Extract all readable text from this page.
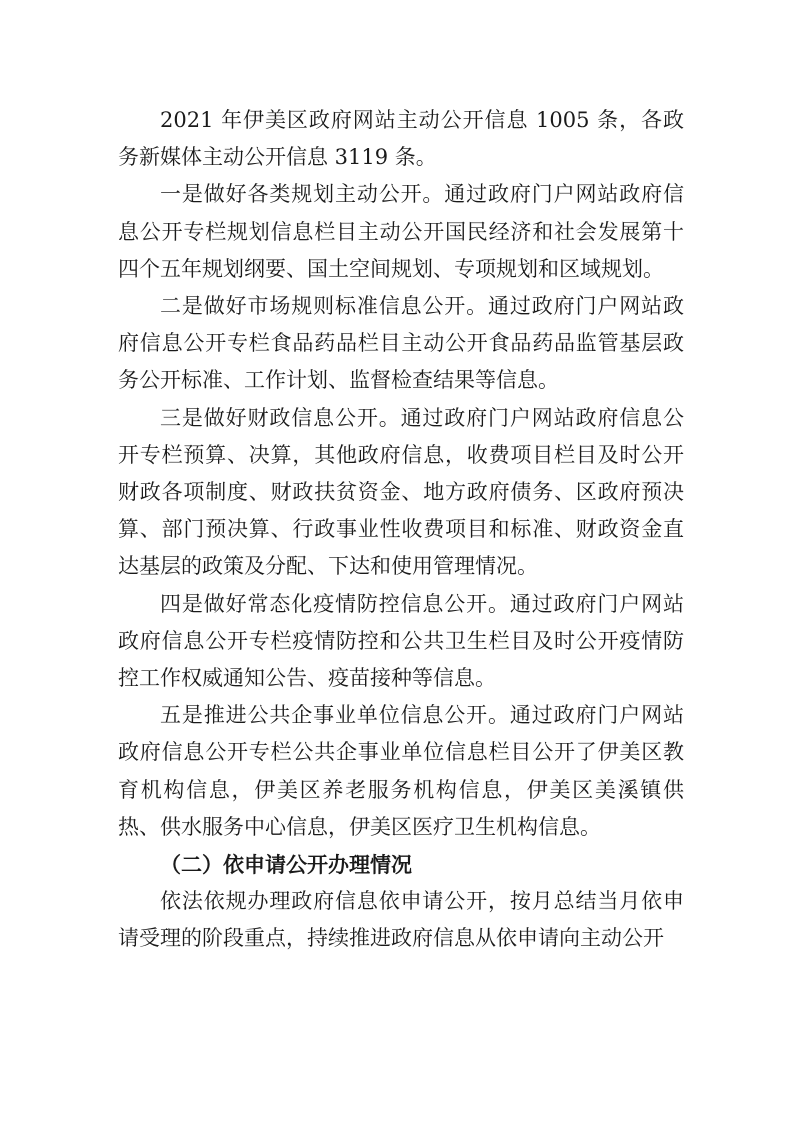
2021 年伊美区政府网站主动公开信息 1005 条，各政务新媒体主动公开信息 3119 条。

一是做好各类规划主动公开。通过政府门户网站政府信息公开专栏规划信息栏目主动公开国民经济和社会发展第十四个五年规划纲要、国土空间规划、专项规划和区域规划。

二是做好市场规则标准信息公开。通过政府门户网站政府信息公开专栏食品药品栏目主动公开食品药品监管基层政务公开标准、工作计划、监督检查结果等信息。

三是做好财政信息公开。通过政府门户网站政府信息公开专栏预算、决算，其他政府信息，收费项目栏目及时公开财政各项制度、财政扶贫资金、地方政府债务、区政府预决算、部门预决算、行政事业性收费项目和标准、财政资金直达基层的政策及分配、下达和使用管理情况。

四是做好常态化疫情防控信息公开。通过政府门户网站政府信息公开专栏疫情防控和公共卫生栏目及时公开疫情防控工作权威通知公告、疫苗接种等信息。

五是推进公共企事业单位信息公开。通过政府门户网站政府信息公开专栏公共企事业单位信息栏目公开了伊美区教育机构信息，伊美区养老服务机构信息，伊美区美溪镇供热、供水服务中心信息，伊美区医疗卫生机构信息。

（二）依申请公开办理情况

依法依规办理政府信息依申请公开，按月总结当月依申请受理的阶段重点，持续推进政府信息从依申请向主动公开
